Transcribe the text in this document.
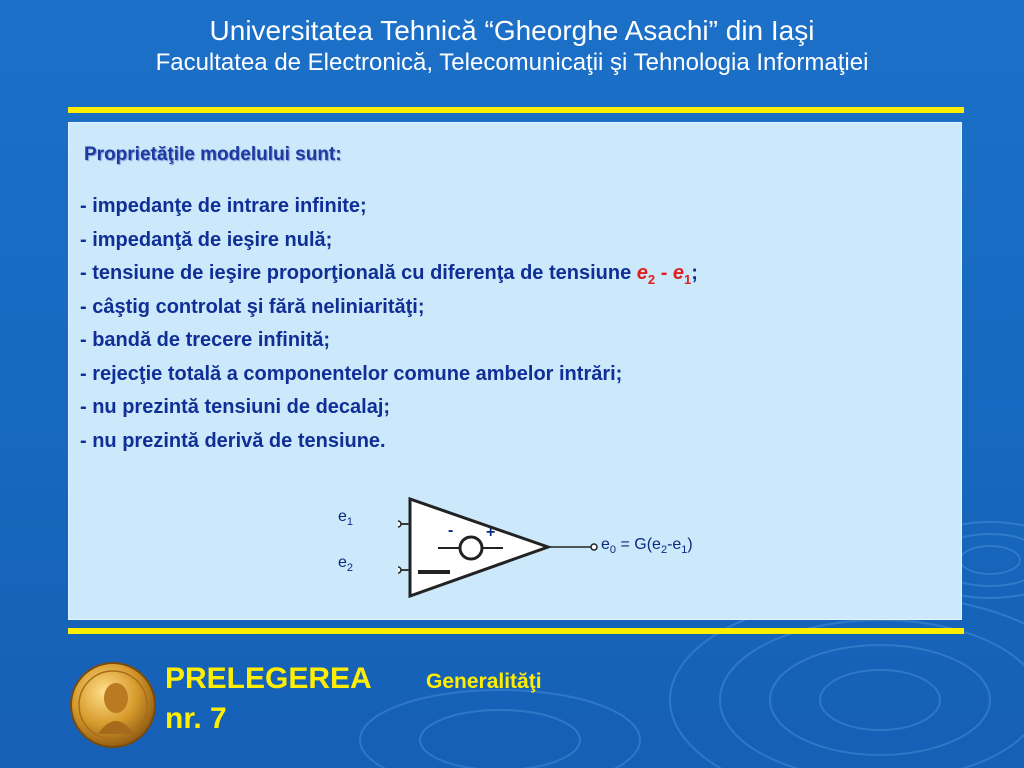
Universitatea Tehnică “Gheorghe Asachi” din Iaşi
Facultatea de Electronică, Telecomunicaţii şi Tehnologia Informaţiei
Proprietăţile modelului sunt:
- impedanţe de intrare infinite;
- impedanţă de ieşire nulă;
- tensiune de ieşire proporţională cu diferenţa de tensiune $e_2 - e_1$;
- câştig controlat şi fără neliniarităţi;
- bandă de trecere infinită;
- rejecţie totală a componentelor comune ambelor intrări;
- nu prezintă tensiuni de decalaj;
- nu prezintă derivă de tensiune.
- +
$e_1$
$e_2$
$e_0 = G(e_2-e_1)$
PRELEGEREA
nr. 7
Generalităţi
